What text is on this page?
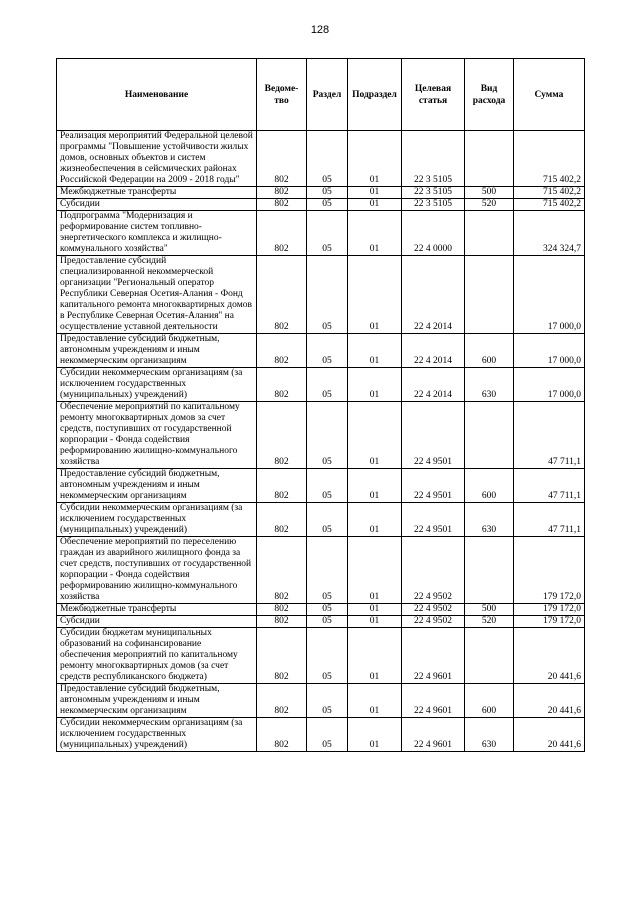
128
Наименование	Ведоме-тво	Раздел	Подраздел	Целевая статья	Вид расхода	Сумма
Реализация мероприятий Федеральной целевой программы "Повышение устойчивости жилых домов, основных объектов и систем жизнеобеспечения в сейсмических районах Российской Федерации на 2009 - 2018 годы"	802	05	01	22 3 5105		715 402,2
Межбюджетные трансферты	802	05	01	22 3 5105	500	715 402,2
Субсидии	802	05	01	22 3 5105	520	715 402,2
Подпрограмма "Модернизация и реформирование систем топливно-энергетического комплекса и жилищно-коммунального хозяйства"	802	05	01	22 4 0000		324 324,7
Предоставление субсидий специализированной некоммерческой организации "Региональный оператор Республики Северная Осетия-Алания - Фонд капитального ремонта многоквартирных домов в Республике Северная Осетия-Алания" на осуществление уставной деятельности	802	05	01	22 4 2014		17 000,0
Предоставление субсидий бюджетным, автономным учреждениям и иным некоммерческим организациям	802	05	01	22 4 2014	600	17 000,0
Субсидии некоммерческим организациям (за исключением государственных (муниципальных) учреждений)	802	05	01	22 4 2014	630	17 000,0
Обеспечение мероприятий по капитальному ремонту многоквартирных домов за счет средств, поступивших от государственной корпорации - Фонда содействия реформированию жилищно-коммунального хозяйства	802	05	01	22 4 9501		47 711,1
Предоставление субсидий бюджетным, автономным учреждениям и иным некоммерческим организациям	802	05	01	22 4 9501	600	47 711,1
Субсидии некоммерческим организациям (за исключением государственных (муниципальных) учреждений)	802	05	01	22 4 9501	630	47 711,1
Обеспечение мероприятий по переселению граждан из аварийного жилищного фонда за счет средств, поступивших от государственной корпорации - Фонда содействия реформированию жилищно-коммунального хозяйства	802	05	01	22 4 9502		179 172,0
Межбюджетные трансферты	802	05	01	22 4 9502	500	179 172,0
Субсидии	802	05	01	22 4 9502	520	179 172,0
Субсидии бюджетам муниципальных образований на софинансирование обеспечения мероприятий по капитальному ремонту многоквартирных домов (за счет средств республиканского бюджета)	802	05	01	22 4 9601		20 441,6
Предоставление субсидий бюджетным, автономным учреждениям и иным некоммерческим организациям	802	05	01	22 4 9601	600	20 441,6
Субсидии некоммерческим организациям (за исключением государственных (муниципальных) учреждений)	802	05	01	22 4 9601	630	20 441,6
